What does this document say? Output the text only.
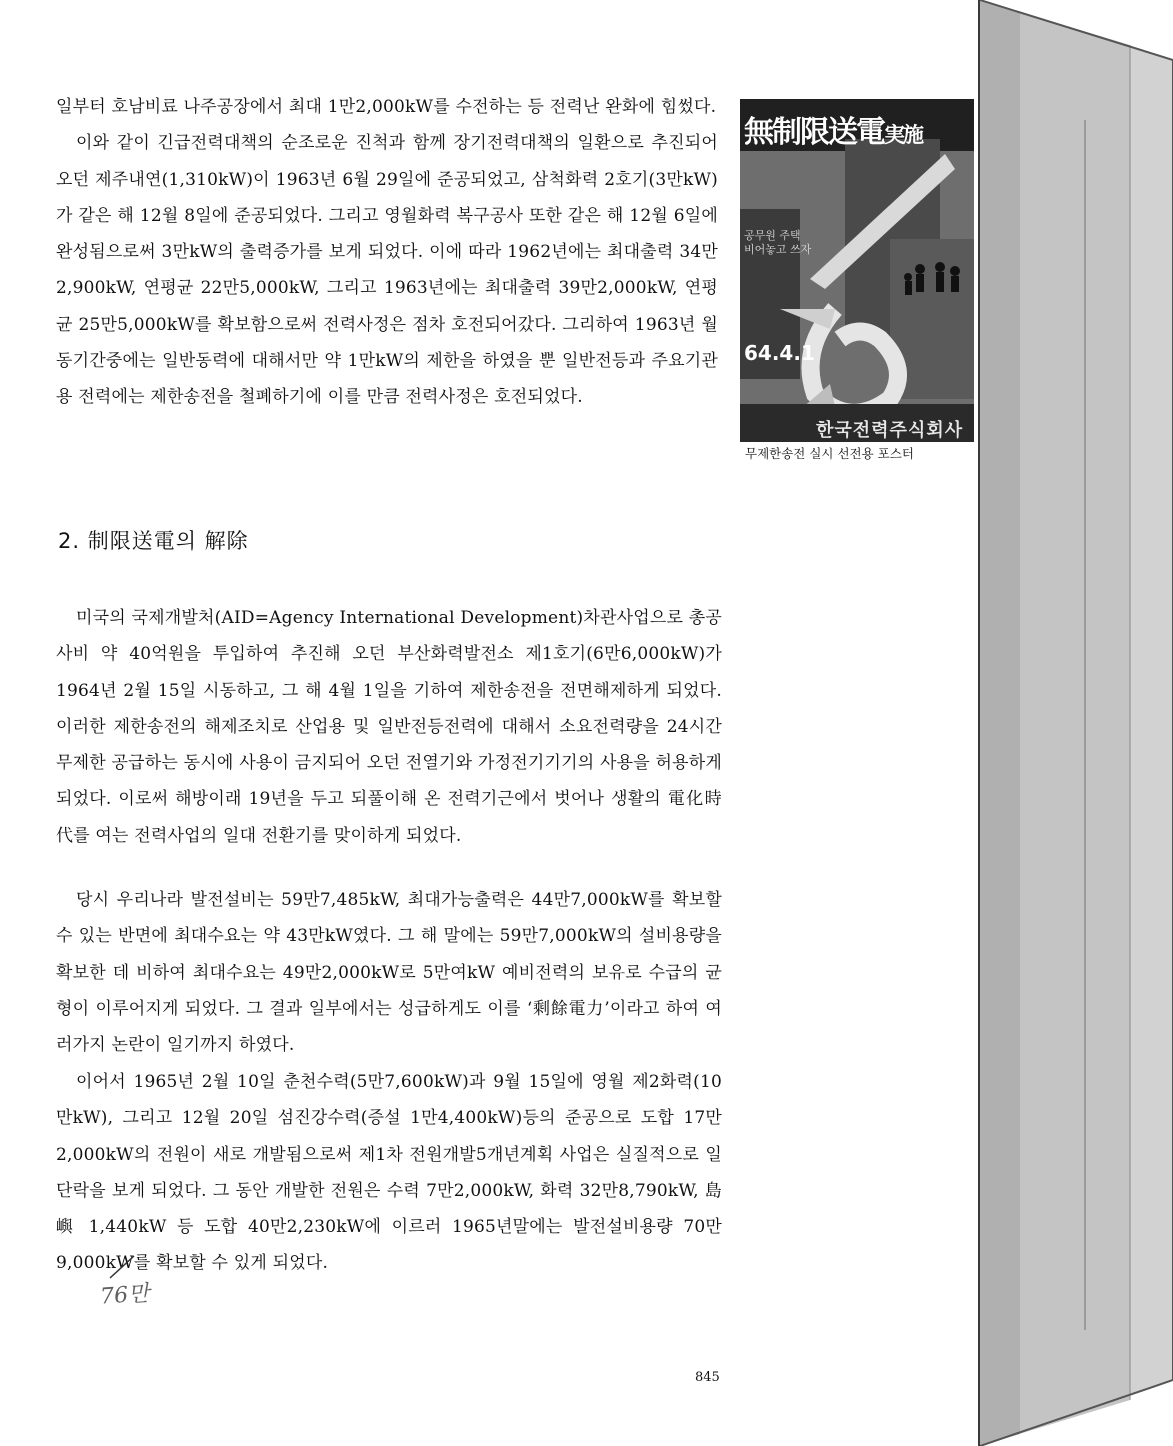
일부터 호남비료 나주공장에서 최대 1만2,000kW를 수전하는 등 전력난 완화에 힘썼다.
이와 같이 긴급전력대책의 순조로운 진척과 함께 장기전력대책의 일환으로 추진되어 오던 제주내연(1,310kW)이 1963년 6월 29일에 준공되었고, 삼척화력 2호기(3만kW)가 같은 해 12월 8일에 준공되었다. 그리고 영월화력 복구공사 또한 같은 해 12월 6일에 완성됨으로써 3만kW의 출력증가를 보게 되었다. 이에 따라 1962년에는 최대출력 34만2,900kW, 연평균 22만5,000kW, 그리고 1963년에는 최대출력 39만2,000kW, 연평균 25만5,000kW를 확보함으로써 전력사정은 점차 호전되어갔다. 그리하여 1963년 월동기간중에는 일반동력에 대해서만 약 1만kW의 제한을 하였을 뿐 일반전등과 주요기관용 전력에는 제한송전을 철폐하기에 이를 만큼 전력사정은 호전되었다.
2. 制限送電의 解除
미국의 국제개발처(AID=Agency International Development)차관사업으로 총공사비 약 40억원을 투입하여 추진해 오던 부산화력발전소 제1호기(6만6,000kW)가 1964년 2월 15일 시동하고, 그 해 4월 1일을 기하여 제한송전을 전면해제하게 되었다. 이러한 제한송전의 해제조치로 산업용 및 일반전등전력에 대해서 소요전력량을 24시간 무제한 공급하는 동시에 사용이 금지되어 오던 전열기와 가정전기기기의 사용을 허용하게 되었다. 이로써 해방이래 19년을 두고 되풀이해 온 전력기근에서 벗어나 생활의 電化時代를 여는 전력사업의 일대 전환기를 맞이하게 되었다.
당시 우리나라 발전설비는 59만7,485kW, 최대가능출력은 44만7,000kW를 확보할 수 있는 반면에 최대수요는 약 43만kW였다. 그 해 말에는 59만7,000kW의 설비용량을 확보한 데 비하여 최대수요는 49만2,000kW로 5만여kW 예비전력의 보유로 수급의 균형이 이루어지게 되었다. 그 결과 일부에서는 성급하게도 이를 ‘剩餘電力’이라고 하여 여러가지 논란이 일기까지 하였다.
이어서 1965년 2월 10일 춘천수력(5만7,600kW)과 9월 15일에 영월 제2화력(10만kW), 그리고 12월 20일 섬진강수력(증설 1만4,400kW)등의 준공으로 도합 17만2,000kW의 전원이 새로 개발됨으로써 제1차 전원개발5개년계획 사업은 실질적으로 일단락을 보게 되었다. 그 동안 개발한 전원은 수력 7만2,000kW, 화력 32만8,790kW, 島嶼 1,440kW 등 도합 40만2,230kW에 이르러 1965년말에는 발전설비용량 70만9,000kW를 확보할 수 있게 되었다.
76만
無制限送電実施
공무원 주택 비어놓고 쓰자
64.4.1
한국전력주식회사
무제한송전 실시 선전용 포스터
845
